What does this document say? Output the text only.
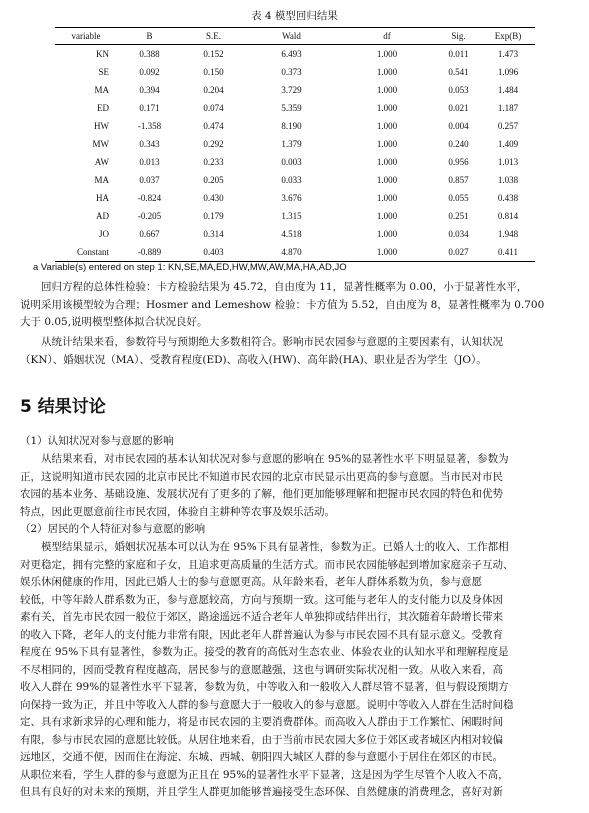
表 4 模型回归结果
variable	B	S.E.	Wald	df	Sig.	Exp(B)
KN	0.388	0.152	6.493	1.000	0.011	1.473
SE	0.092	0.150	0.373	1.000	0.541	1.096
MA	0.394	0.204	3.729	1.000	0.053	1.484
ED	0.171	0.074	5.359	1.000	0.021	1.187
HW	-1.358	0.474	8.190	1.000	0.004	0.257
MW	0.343	0.292	1.379	1.000	0.240	1.409
AW	0.013	0.233	0.003	1.000	0.956	1.013
MA	0.037	0.205	0.033	1.000	0.857	1.038
HA	-0.824	0.430	3.676	1.000	0.055	0.438
AD	-0.205	0.179	1.315	1.000	0.251	0.814
JO	0.667	0.314	4.518	1.000	0.034	1.948
Constant	-0.889	0.403	4.870	1.000	0.027	0.411
a Variable(s) entered on step 1: KN,SE,MA,ED,HW,MW,AW,MA,HA,AD,JO
回归方程的总体性检验：卡方检验结果为 45.72，自由度为 11，显著性概率为 0.00，小于显著性水平，
说明采用该模型较为合理；Hosmer and Lemeshow 检验：卡方值为 5.52，自由度为 8，显著性概率为 0.700
大于 0.05,说明模型整体拟合状况良好。
从统计结果来看，参数符号与预期绝大多数相符合。影响市民农园参与意愿的主要因素有，认知状况
（KN）、婚姻状况（MA）、受教育程度(ED)、高收入(HW)、高年龄(HA)、职业是否为学生（JO）。
5 结果讨论
（1）认知状况对参与意愿的影响
从结果来看，对市民农园的基本认知状况对参与意愿的影响在 95%的显著性水平下明显显著，参数为
正，这说明知道市民农园的北京市民比不知道市民农园的北京市民显示出更高的参与意愿。当市民对市民
农园的基本业务、基础设施、发展状况有了更多的了解，他们更加能够理解和把握市民农园的特色和优势
特点，因此更愿意前往市民农园，体验自主耕种等农事及娱乐活动。
（2）居民的个人特征对参与意愿的影响
模型结果显示，婚姻状况基本可以认为在 95%下具有显著性，参数为正。已婚人士的收入、工作都相
对更稳定，拥有完整的家庭和子女，且追求更高质量的生活方式。而市民农园能够起到增加家庭亲子互动、
娱乐休闲健康的作用，因此已婚人士的参与意愿更高。从年龄来看，老年人群体系数为负，参与意愿
较低，中等年龄人群系数为正，参与意愿较高，方向与预期一致。这可能与老年人的支付能力以及身体因
素有关，首先市民农园一般位于郊区，路途遥远不适合老年人单独抑或结伴出行，其次随着年龄增长带来
的收入下降，老年人的支付能力非常有限，因此老年人群普遍认为参与市民农园不具有显示意义。受教育
程度在 95%下具有显著性，参数为正。接受的教育的高低对生态农业、体验农业的认知水平和理解程度是
不尽相同的，因而受教育程度越高，居民参与的意愿越强，这也与调研实际状况相一致。从收入来看，高
收入人群在 99%的显著性水平下显著，参数为负，中等收入和一般收入人群尽管不显著，但与假设预期方
向保持一致为正，并且中等收入人群的参与意愿大于一般收入的参与意愿。说明中等收入人群在生活时间稳
定、具有求新求异的心理和能力，将是市民农园的主要消费群体。而高收入人群由于工作繁忙、闲暇时间
有限，参与市民农园的意愿比较低。从居住地来看，由于当前市民农园大多位于郊区或者城区内相对较偏
远地区，交通不便，因而住在海淀、东城、西城、朝阳四大城区人群的参与意愿小于居住在郊区的市民。
从职位来看，学生人群的参与意愿为正且在 95%的显著性水平下显著，这是因为学生尽管个人收入不高，
但具有良好的对未来的预期，并且学生人群更加能够普遍接受生态环保、自然健康的消费理念，喜好对新
